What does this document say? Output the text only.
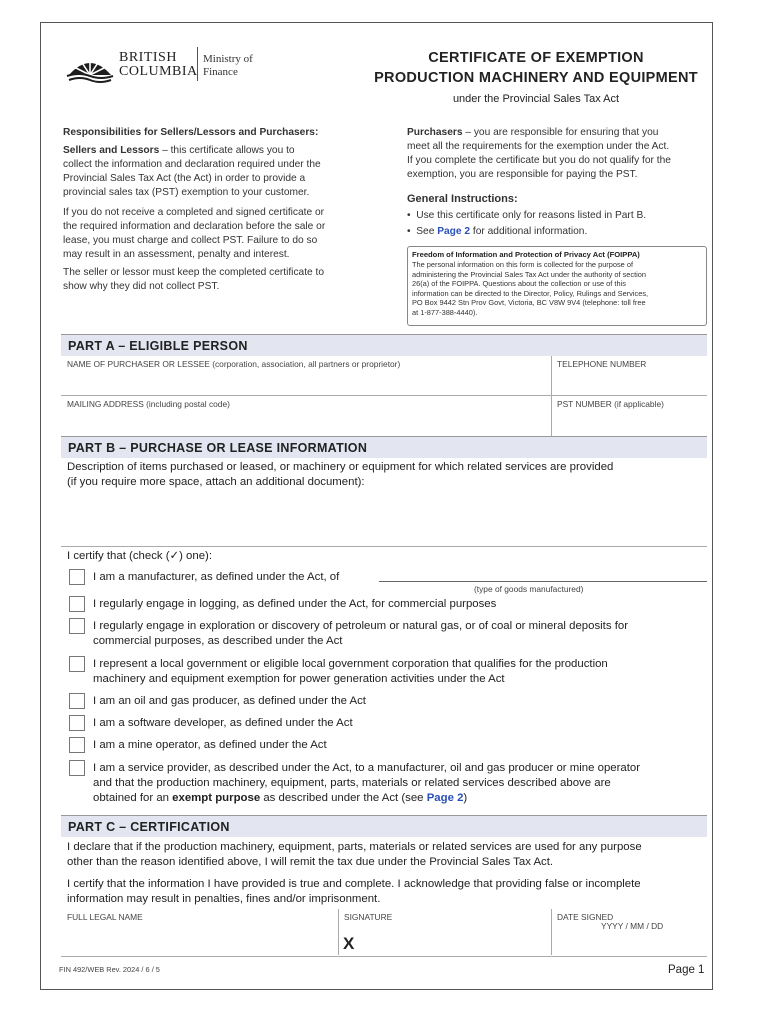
BRITISH
COLUMBIA
Ministry of
Finance
CERTIFICATE OF EXEMPTION
PRODUCTION MACHINERY AND EQUIPMENT
under the Provincial Sales Tax Act
Responsibilities for Sellers/Lessors and Purchasers:
Sellers and Lessors – this certificate allows you to
collect the information and declaration required under the
Provincial Sales Tax Act (the Act) in order to provide a
provincial sales tax (PST) exemption to your customer.
If you do not receive a completed and signed certificate or
the required information and declaration before the sale or
lease, you must charge and collect PST. Failure to do so
may result in an assessment, penalty and interest.
The seller or lessor must keep the completed certificate to
show why they did not collect PST.
Purchasers – you are responsible for ensuring that you
meet all the requirements for the exemption under the Act.
If you complete the certificate but you do not qualify for the
exemption, you are responsible for paying the PST.
General Instructions:
•  Use this certificate only for reasons listed in Part B.
•  See Page 2 for additional information.
Freedom of Information and Protection of Privacy Act (FOIPPA)
The personal information on this form is collected for the purpose of
administering the Provincial Sales Tax Act under the authority of section
26(a) of the FOIPPA. Questions about the collection or use of this
information can be directed to the Director, Policy, Rulings and Services,
PO Box 9442 Stn Prov Govt, Victoria, BC V8W 9V4 (telephone: toll free
at 1-877-388-4440).
PART A – ELIGIBLE PERSON
NAME OF PURCHASER OR LESSEE (corporation, association, all partners or proprietor)	TELEPHONE NUMBER
MAILING ADDRESS (including postal code)	PST NUMBER (if applicable)
PART B – PURCHASE OR LEASE INFORMATION
Description of items purchased or leased, or machinery or equipment for which related services are provided
(if you require more space, attach an additional document):
I certify that (check (✓) one):
I am a manufacturer, as defined under the Act, of
(type of goods manufactured)
I regularly engage in logging, as defined under the Act, for commercial purposes
I regularly engage in exploration or discovery of petroleum or natural gas, or of coal or mineral deposits for
commercial purposes, as described under the Act
I represent a local government or eligible local government corporation that qualifies for the production
machinery and equipment exemption for power generation activities under the Act
I am an oil and gas producer, as defined under the Act
I am a software developer, as defined under the Act
I am a mine operator, as defined under the Act
I am a service provider, as described under the Act, to a manufacturer, oil and gas producer or mine operator
and that the production machinery, equipment, parts, materials or related services described above are
obtained for an exempt purpose as described under the Act (see Page 2)
PART C – CERTIFICATION
I declare that if the production machinery, equipment, parts, materials or related services are used for any purpose
other than the reason identified above, I will remit the tax due under the Provincial Sales Tax Act.
I certify that the information I have provided is true and complete. I acknowledge that providing false or incomplete
information may result in penalties, fines and/or imprisonment.
FULL LEGAL NAME	SIGNATURE	DATE SIGNED
YYYY / MM / DD
X
FIN 492/WEB Rev. 2024 / 6 / 5	Page 1
